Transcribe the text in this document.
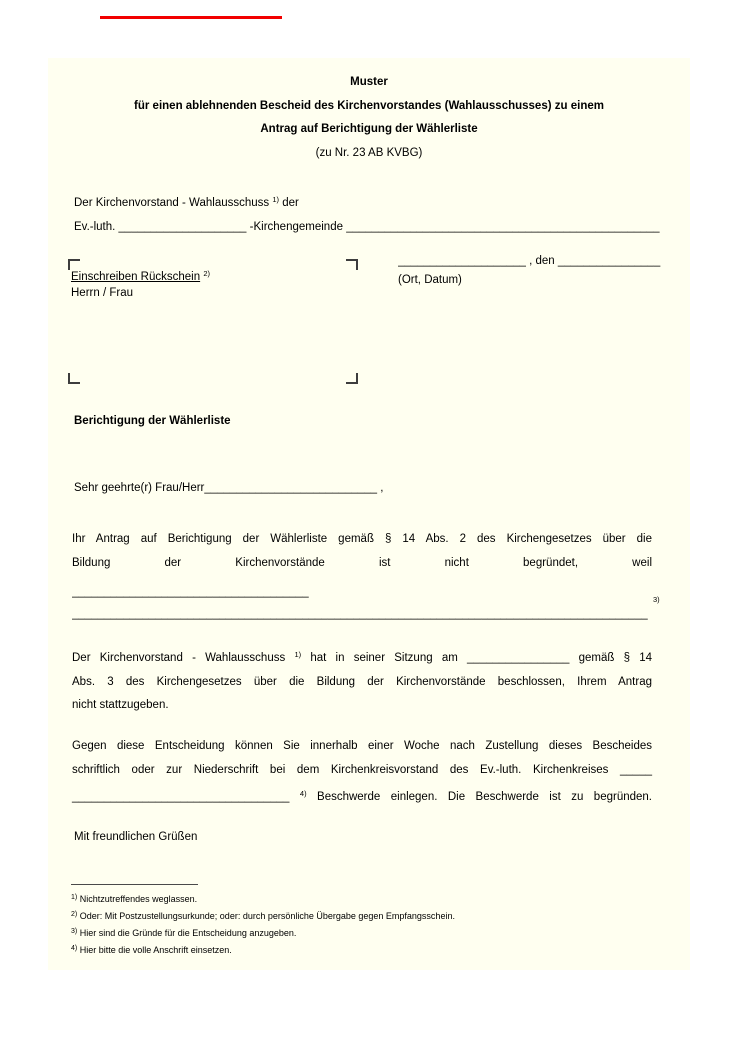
Muster
für einen ablehnenden Bescheid des Kirchenvorstandes (Wahlausschusses) zu einem
Antrag auf Berichtigung der Wählerliste
(zu Nr. 23 AB KVBG)
Der Kirchenvorstand - Wahlausschuss $^{1)}$ der
Ev.-luth. ____________________ -Kirchengemeinde _________________________________________________
Einschreiben Rückschein $^{2)}$
Herrn / Frau
____________________ , den ________________
(Ort, Datum)
Berichtigung der Wählerliste
Sehr geehrte(r) Frau/Herr___________________________ ,
Ihr Antrag auf Berichtigung der Wählerliste gemäß § 14 Abs. 2 des Kirchengesetzes über die
Bildung der Kirchenvorstände ist nicht begründet, weil
_____________________________________
__________________________________________________________________________________________
3)
Der Kirchenvorstand - Wahlausschuss $^{1)}$ hat in seiner Sitzung am ________________ gemäß § 14
Abs. 3 des Kirchengesetzes über die Bildung der Kirchenvorstände beschlossen, Ihrem Antrag
nicht stattzugeben.
Gegen diese Entscheidung können Sie innerhalb einer Woche nach Zustellung dieses Bescheides
schriftlich oder zur Niederschrift bei dem Kirchenkreisvorstand des Ev.-luth. Kirchenkreises _____
__________________________________ $^{4)}$ Beschwerde einlegen. Die Beschwerde ist zu begründen.
Mit freundlichen Grüßen
$^{1)}$ Nichtzutreffendes weglassen.
$^{2)}$ Oder: Mit Postzustellungsurkunde; oder: durch persönliche Übergabe gegen Empfangsschein.
$^{3)}$ Hier sind die Gründe für die Entscheidung anzugeben.
$^{4)}$ Hier bitte die volle Anschrift einsetzen.
